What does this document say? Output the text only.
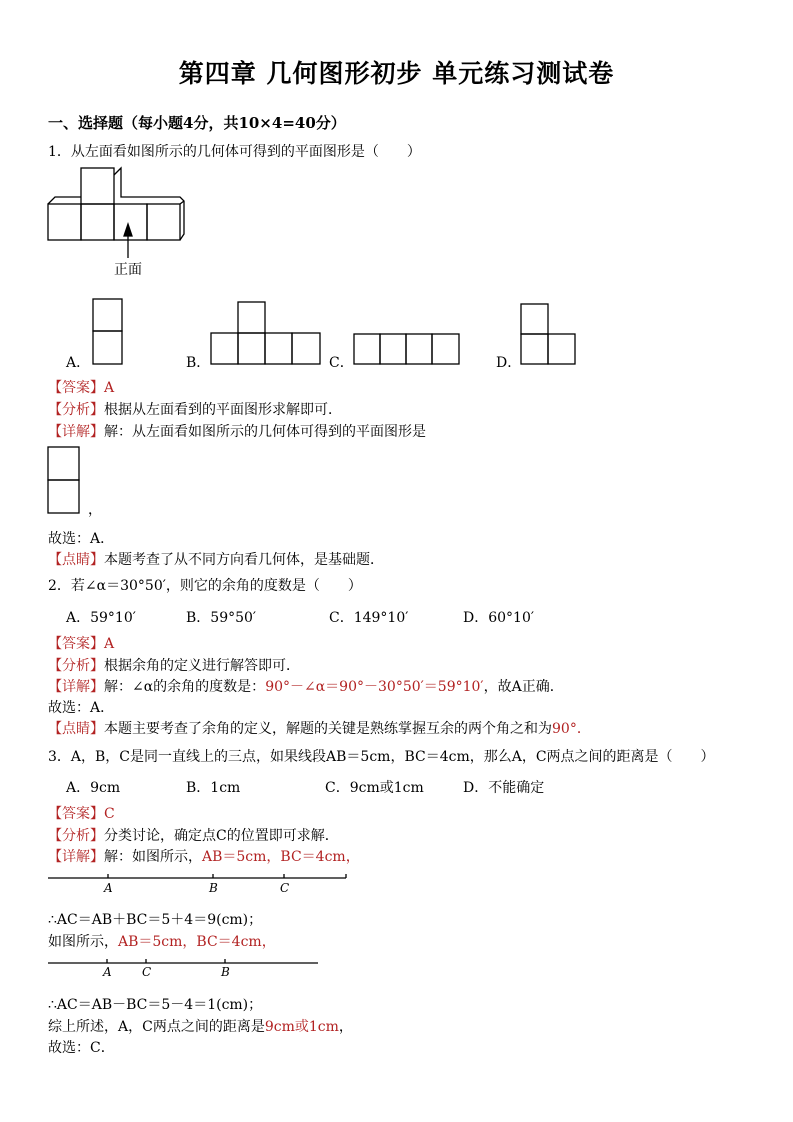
第四章 几何图形初步 单元练习测试卷
一、选择题（每小题4分，共10×4=40分）
1．从左面看如图所示的几何体可得到的平面图形是（　　）
正面
A．	B．	C．	D．
【答案】A
【分析】根据从左面看到的平面图形求解即可．
【详解】解：从左面看如图所示的几何体可得到的平面图形是
，
故选：A．
【点睛】本题考查了从不同方向看几何体，是基础题．
2．若∠α＝30°50′，则它的余角的度数是（　　）
A．59°10′	B．59°50′	C．149°10′	D．60°10′
【答案】A
【分析】根据余角的定义进行解答即可．
【详解】解：∠α的余角的度数是：90°－∠α＝90°－30°50′＝59°10′，故A正确．
故选：A．
【点睛】本题主要考查了余角的定义，解题的关键是熟练掌握互余的两个角之和为90°．
3．A，B，C是同一直线上的三点，如果线段AB＝5cm，BC＝4cm，那么A，C两点之间的距离是（　　）
A．9cm	B．1cm	C．9cm或1cm	D．不能确定
【答案】C
【分析】分类讨论，确定点C的位置即可求解．
【详解】解：如图所示，AB＝5cm，BC＝4cm，
A	B	C
∴AC＝AB＋BC＝5＋4＝9(cm)；
如图所示，AB＝5cm，BC＝4cm，
A	C	B
∴AC＝AB－BC＝5－4＝1(cm)；
综上所述，A，C两点之间的距离是9cm或1cm，
故选：C．
